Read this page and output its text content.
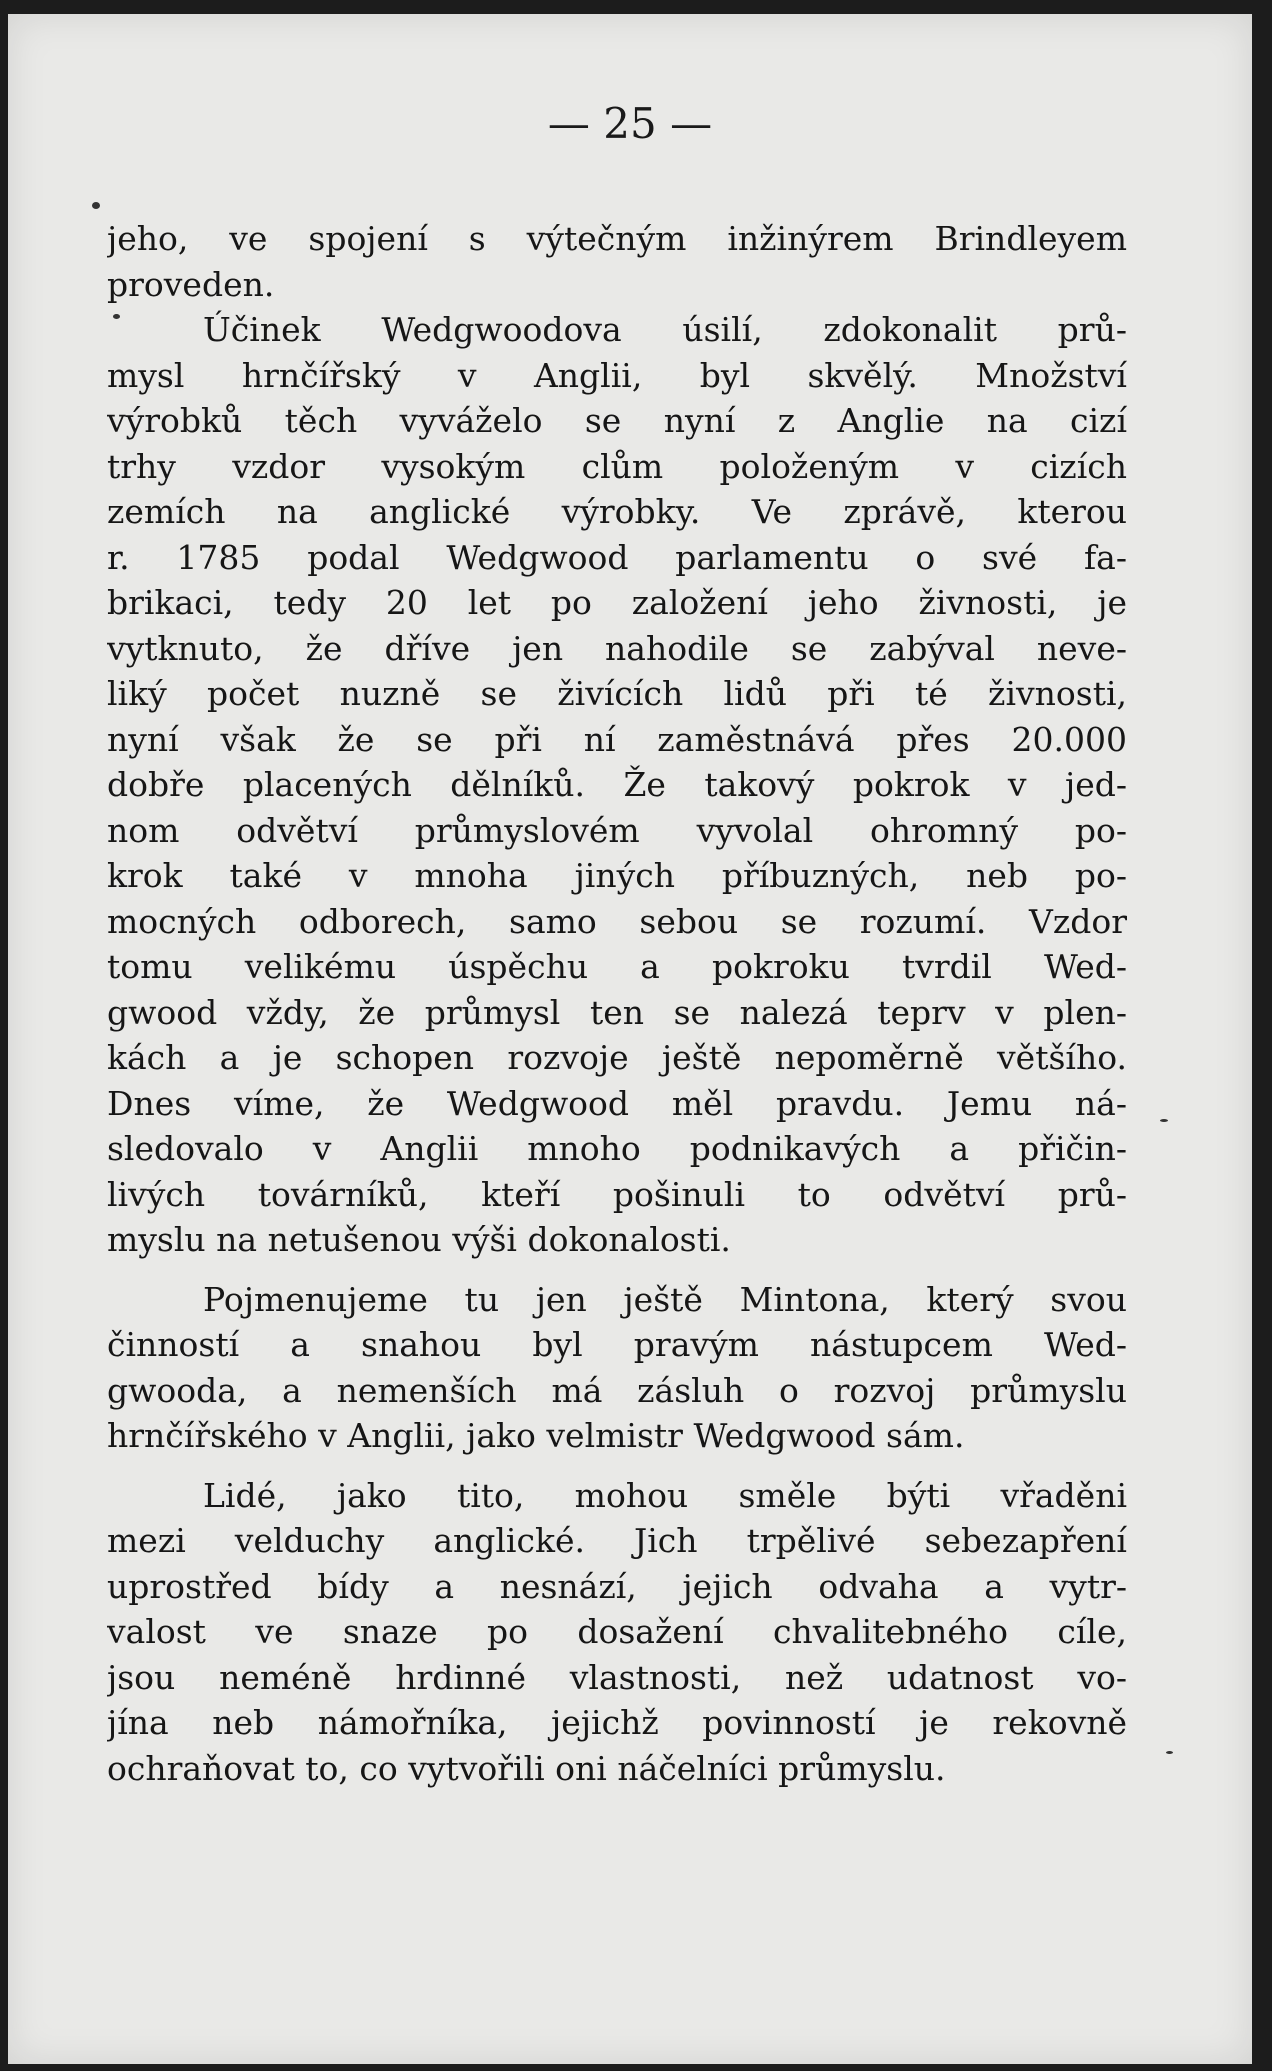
— 25 —
jeho, ve spojení s výtečným inžinýrem Brindleyem
proveden.
Účinek Wedgwoodova úsilí, zdokonalit prů-
mysl hrnčířský v Anglii, byl skvělý. Množství
výrobků těch vyváželo se nyní z Anglie na cizí
trhy vzdor vysokým clům položeným v cizích
zemích na anglické výrobky. Ve zprávě, kterou
r. 1785 podal Wedgwood parlamentu o své fa-
brikaci, tedy 20 let po založení jeho živnosti, je
vytknuto, že dříve jen nahodile se zabýval neve-
liký počet nuzně se živících lidů při té živnosti,
nyní však že se při ní zaměstnává přes 20.000
dobře placených dělníků. Že takový pokrok v jed-
nom odvětví průmyslovém vyvolal ohromný po-
krok také v mnoha jiných příbuzných, neb po-
mocných odborech, samo sebou se rozumí. Vzdor
tomu velikému úspěchu a pokroku tvrdil Wed-
gwood vždy, že průmysl ten se nalezá teprv v plen-
kách a je schopen rozvoje ještě nepoměrně většího.
Dnes víme, že Wedgwood měl pravdu. Jemu ná-
sledovalo v Anglii mnoho podnikavých a přičin-
livých továrníků, kteří pošinuli to odvětví prů-
myslu na netušenou výši dokonalosti.
Pojmenujeme tu jen ještě Mintona, který svou
činností a snahou byl pravým nástupcem Wed-
gwooda, a nemenších má zásluh o rozvoj průmyslu
hrnčířského v Anglii, jako velmistr Wedgwood sám.
Lidé, jako tito, mohou směle býti vřaděni
mezi velduchy anglické. Jich trpělivé sebezapření
uprostřed bídy a nesnází, jejich odvaha a vytr-
valost ve snaze po dosažení chvalitebného cíle,
jsou neméně hrdinné vlastnosti, než udatnost vo-
jína neb námořníka, jejichž povinností je rekovně
ochraňovat to, co vytvořili oni náčelníci průmyslu.
